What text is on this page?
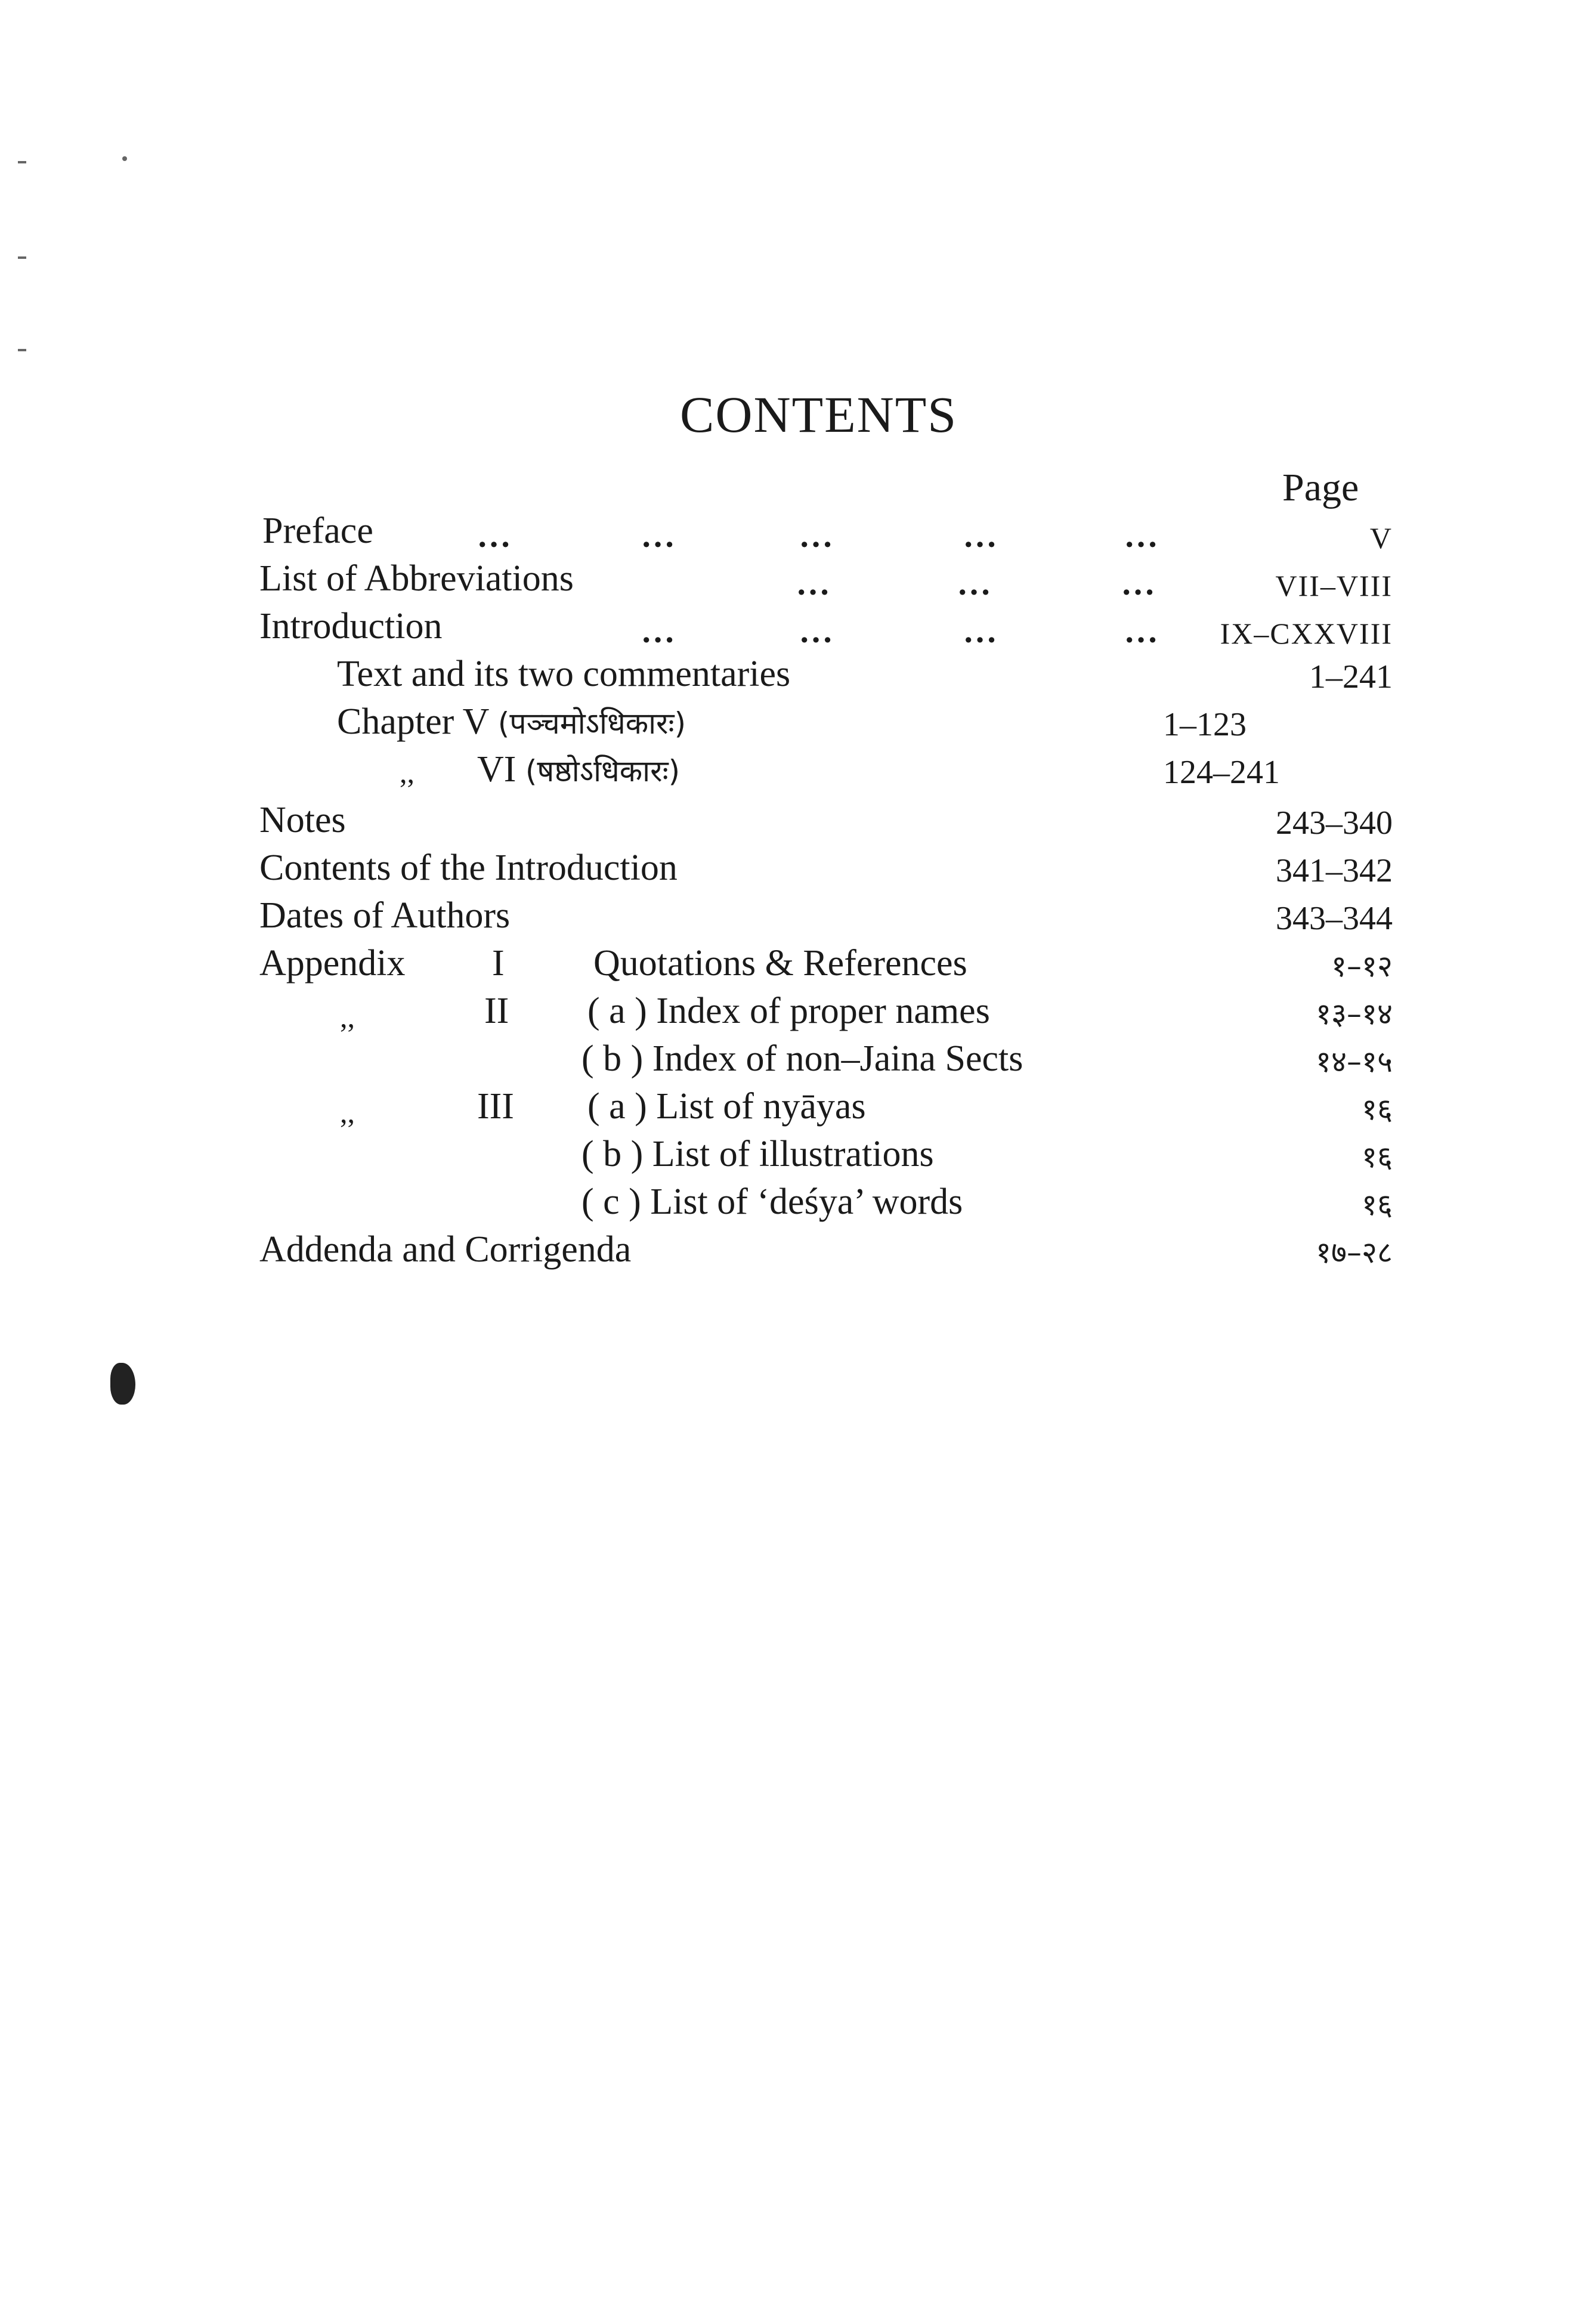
CONTENTS
Page
Preface	...	...	...	...	...	V
List of Abbreviations	...	...	...	VII–VIII
Introduction	...	...	...	...	IX–CXXVIII
Text and its two commentaries	1–241
Chapter V (पञ्चमोऽधिकारः)	1–123
,, VI (षष्ठोऽधिकारः)	124–241
Notes	243–340
Contents of the Introduction	341–342
Dates of Authors	343–344
Appendix I Quotations & References	१–१२
,,	II ( a ) Index of proper names	१३–१४
( b ) Index of non–Jaina Sects	१४–१५
,,	III ( a ) List of nyāyas	१६
( b ) List of illustrations	१६
( c ) List of ‘deśya’ words	१६
Addenda and Corrigenda	१७–२८
